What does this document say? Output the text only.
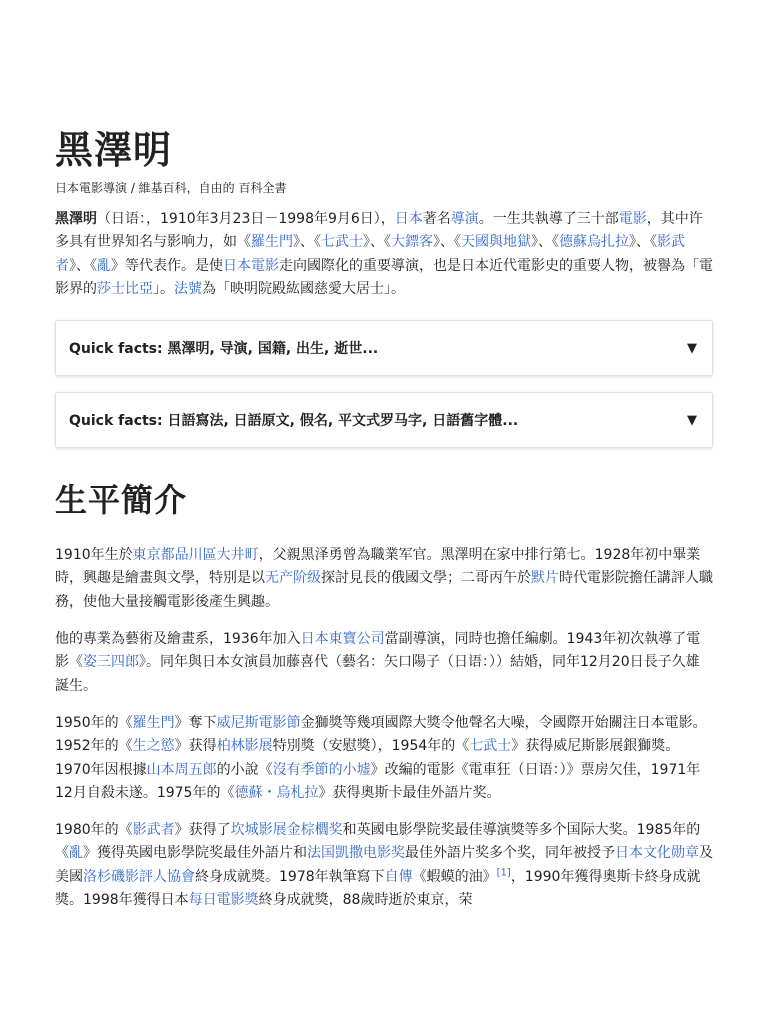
黑澤明
日本電影導演 / 維基百科，自由的 百科全書

黑澤明（日语：，1910年3月23日－1998年9月6日），日本著名導演。一生共執導了三十部電影，其中许多具有世界知名与影响力，如《羅生門》、《七武士》、《大鏢客》、《天國與地獄》、《德蘇烏扎拉》、《影武者》、《亂》等代表作。是使日本電影走向國際化的重要導演，也是日本近代電影史的重要人物，被譽為「電影界的莎士比亞」。法號為「映明院殿紘國慈愛大居士」。

Quick facts: 黑澤明, 导演, 国籍, 出生, 逝世...	▼
Quick facts: 日語寫法, 日語原文, 假名, 平文式罗马字, 日語舊字體...	▼
生平簡介

1910年生於東京都品川區大井町，父親黑泽勇曾為職業军官。黑澤明在家中排行第七。1928年初中畢業時，興趣是繪畫與文學，特別是以无产阶级探討見長的俄國文學；二哥丙午於默片時代電影院擔任講評人職務，使他大量接觸電影後產生興趣。

他的專業為藝術及繪畫系，1936年加入日本東寶公司當副導演，同時也擔任編劇。1943年初次執導了電影《姿三四郎》。同年與日本女演員加藤喜代（藝名：矢口陽子（日语：））結婚，同年12月20日長子久雄誕生。

1950年的《羅生門》奪下威尼斯電影節金獅獎等幾項國際大獎令他聲名大噪，令國際开始關注日本電影。1952年的《生之慾》获得柏林影展特別獎（安慰獎），1954年的《七武士》获得威尼斯影展銀獅獎。1970年因根據山本周五郎的小說《沒有季節的小墟》改編的電影《電車狂（日语：）》票房欠佳，1971年12月自殺未遂。1975年的《德蘇・烏札拉》获得奧斯卡最佳外語片奖。

1980年的《影武者》获得了坎城影展金棕櫚奖和英國电影學院奖最佳導演獎等多个国际大奖。1985年的《亂》獲得英國电影學院奖最佳外語片和法国凱撒电影奖最佳外語片奖多个奖，同年被授予日本文化勋章及美國洛杉磯影評人協會終身成就獎。1978年執筆寫下自傳《蝦蟆的油》[1]，1990年獲得奧斯卡終身成就獎。1998年獲得日本每日電影獎終身成就獎，88歲時逝於東京，荣
